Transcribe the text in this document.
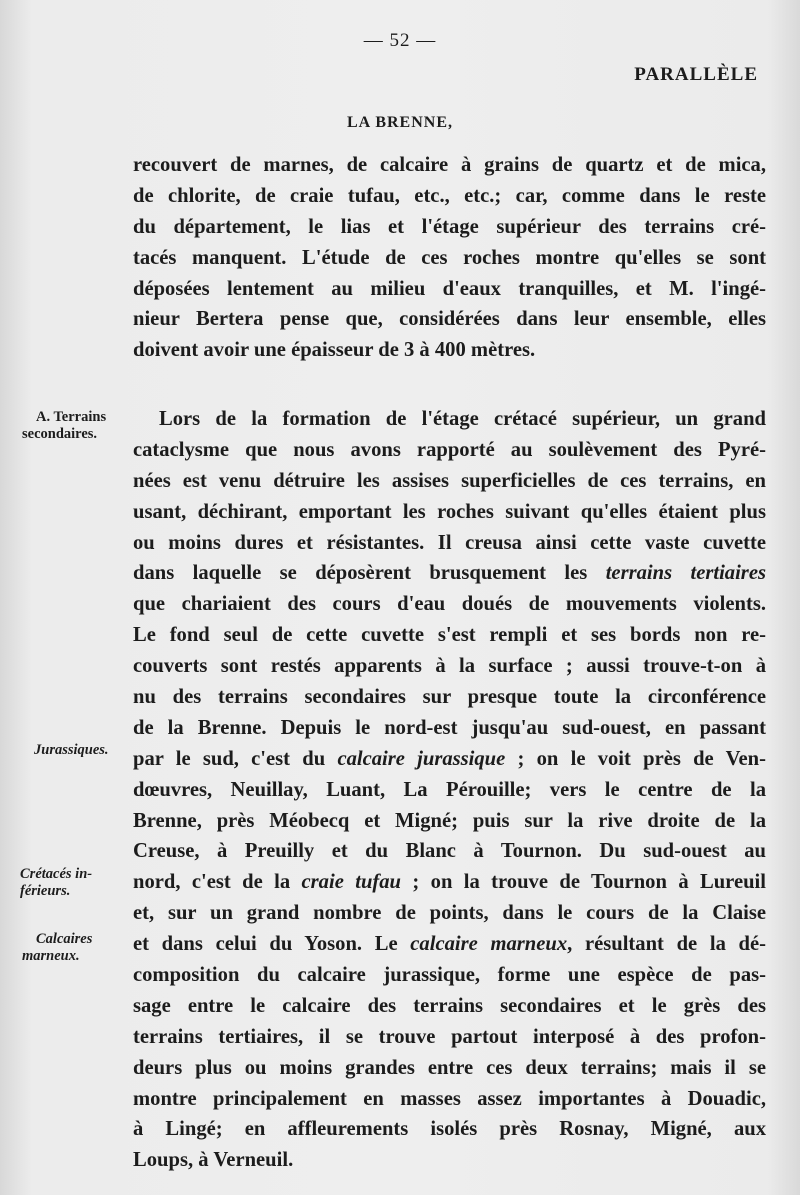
— 52 —
PARALLÈLE
LA BRENNE,
recouvert de marnes, de calcaire à grains de quartz et de mica,
de chlorite, de craie tufau, etc., etc.; car, comme dans le reste
du département, le lias et l'étage supérieur des terrains cré-
tacés manquent. L'étude de ces roches montre qu'elles se sont
déposées lentement au milieu d'eaux tranquilles, et M. l'ingé-
nieur Bertera pense que, considérées dans leur ensemble, elles
doivent avoir une épaisseur de 3 à 400 mètres.
A. Terrains
secondaires.
Jurassiques.
Crétacés in-
férieurs.
Calcaires
marneux.
Lors de la formation de l'étage crétacé supérieur, un grand
cataclysme que nous avons rapporté au soulèvement des Pyré-
nées est venu détruire les assises superficielles de ces terrains, en
usant, déchirant, emportant les roches suivant qu'elles étaient plus
ou moins dures et résistantes. Il creusa ainsi cette vaste cuvette
dans laquelle se déposèrent brusquement les terrains tertiaires
que chariaient des cours d'eau doués de mouvements violents.
Le fond seul de cette cuvette s'est rempli et ses bords non re-
couverts sont restés apparents à la surface ; aussi trouve-t-on à
nu des terrains secondaires sur presque toute la circonférence
de la Brenne. Depuis le nord-est jusqu'au sud-ouest, en passant
par le sud, c'est du calcaire jurassique ; on le voit près de Ven-
dœuvres, Neuillay, Luant, La Pérouille; vers le centre de la
Brenne, près Méobecq et Migné; puis sur la rive droite de la
Creuse, à Preuilly et du Blanc à Tournon. Du sud-ouest au
nord, c'est de la craie tufau ; on la trouve de Tournon à Lureuil
et, sur un grand nombre de points, dans le cours de la Claise
et dans celui du Yoson. Le calcaire marneux, résultant de la dé-
composition du calcaire jurassique, forme une espèce de pas-
sage entre le calcaire des terrains secondaires et le grès des
terrains tertiaires, il se trouve partout interposé à des profon-
deurs plus ou moins grandes entre ces deux terrains; mais il se
montre principalement en masses assez importantes à Douadic,
à Lingé; en affleurements isolés près Rosnay, Migné, aux
Loups, à Verneuil.
